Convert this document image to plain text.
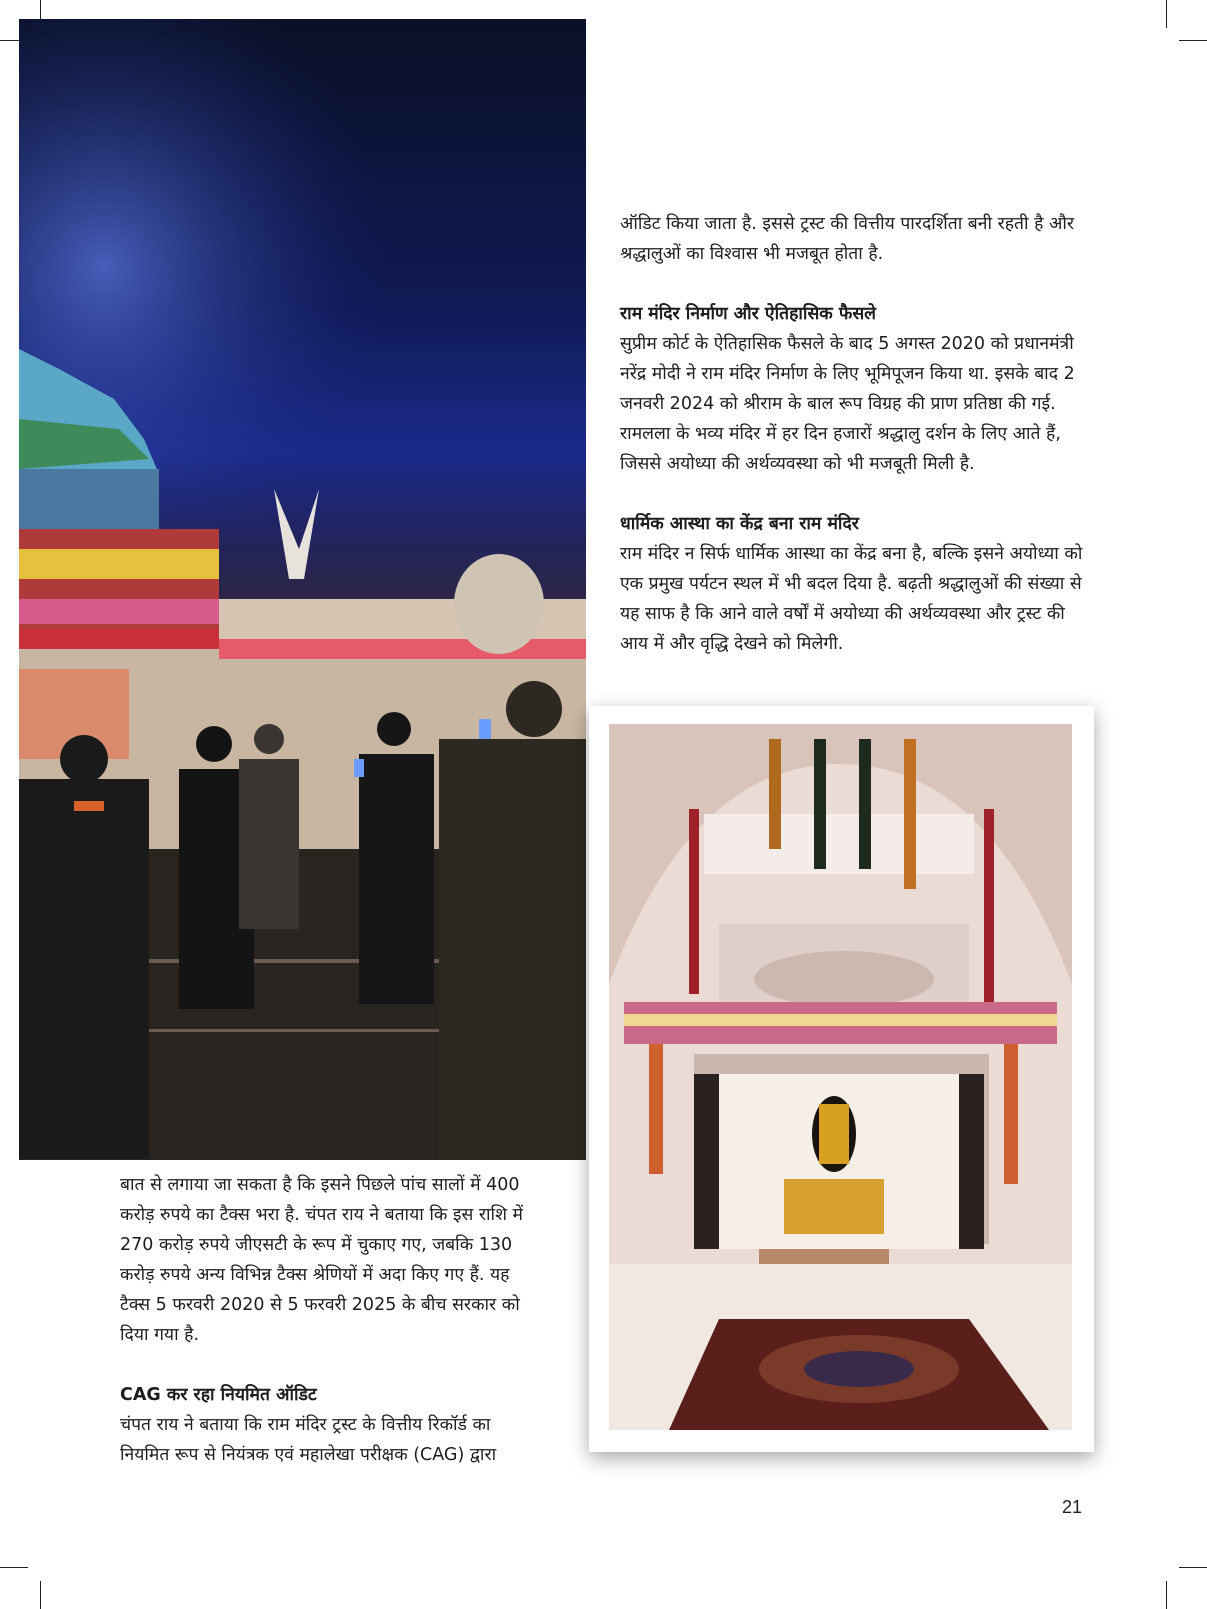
ऑडिट किया जाता है. इससे ट्रस्ट की वित्तीय पारदर्शिता बनी रहती है और श्रद्धालुओं का विश्वास भी मजबूत होता है.

राम मंदिर निर्माण और ऐतिहासिक फैसले

सुप्रीम कोर्ट के ऐतिहासिक फैसले के बाद 5 अगस्त 2020 को प्रधानमंत्री नरेंद्र मोदी ने राम मंदिर निर्माण के लिए भूमिपूजन किया था. इसके बाद 2 जनवरी 2024 को श्रीराम के बाल रूप विग्रह की प्राण प्रतिष्ठा की गई. रामलला के भव्य मंदिर में हर दिन हजारों श्रद्धालु दर्शन के लिए आते हैं, जिससे अयोध्या की अर्थव्यवस्था को भी मजबूती मिली है.

धार्मिक आस्था का केंद्र बना राम मंदिर

राम मंदिर न सिर्फ धार्मिक आस्था का केंद्र बना है, बल्कि इसने अयोध्या को एक प्रमुख पर्यटन स्थल में भी बदल दिया है. बढ़ती श्रद्धालुओं की संख्या से यह साफ है कि आने वाले वर्षों में अयोध्या की अर्थव्यवस्था और ट्रस्ट की आय में और वृद्धि देखने को मिलेगी.

बात से लगाया जा सकता है कि इसने पिछले पांच सालों में 400 करोड़ रुपये का टैक्स भरा है. चंपत राय ने बताया कि इस राशि में 270 करोड़ रुपये जीएसटी के रूप में चुकाए गए, जबकि 130 करोड़ रुपये अन्य विभिन्न टैक्स श्रेणियों में अदा किए गए हैं. यह टैक्स 5 फरवरी 2020 से 5 फरवरी 2025 के बीच सरकार को दिया गया है.

CAG कर रहा नियमित ऑडिट

चंपत राय ने बताया कि राम मंदिर ट्रस्ट के वित्तीय रिकॉर्ड का नियमित रूप से नियंत्रक एवं महालेखा परीक्षक (CAG) द्वारा

21
